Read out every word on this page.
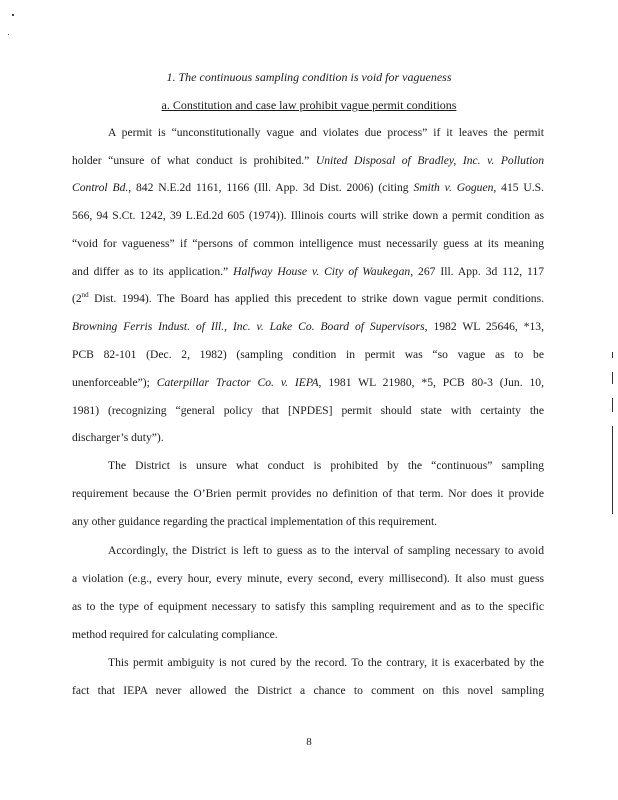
1. The continuous sampling condition is void for vagueness
a. Constitution and case law prohibit vague permit conditions
A permit is “unconstitutionally vague and violates due process” if it leaves the permit
holder “unsure of what conduct is prohibited.” United Disposal of Bradley, Inc. v. Pollution
Control Bd., 842 N.E.2d 1161, 1166 (Ill. App. 3d Dist. 2006) (citing Smith v. Goguen, 415 U.S.
566, 94 S.Ct. 1242, 39 L.Ed.2d 605 (1974)). Illinois courts will strike down a permit condition as
“void for vagueness” if “persons of common intelligence must necessarily guess at its meaning
and differ as to its application.” Halfway House v. City of Waukegan, 267 Ill. App. 3d 112, 117
(2nd Dist. 1994). The Board has applied this precedent to strike down vague permit conditions.
Browning Ferris Indust. of Ill., Inc. v. Lake Co. Board of Supervisors, 1982 WL 25646, *13,
PCB 82-101 (Dec. 2, 1982) (sampling condition in permit was “so vague as to be
unenforceable”); Caterpillar Tractor Co. v. IEPA, 1981 WL 21980, *5, PCB 80-3 (Jun. 10,
1981) (recognizing “general policy that [NPDES] permit should state with certainty the
discharger’s duty”).
The District is unsure what conduct is prohibited by the “continuous” sampling
requirement because the O’Brien permit provides no definition of that term. Nor does it provide
any other guidance regarding the practical implementation of this requirement.
Accordingly, the District is left to guess as to the interval of sampling necessary to avoid
a violation (e.g., every hour, every minute, every second, every millisecond). It also must guess
as to the type of equipment necessary to satisfy this sampling requirement and as to the specific
method required for calculating compliance.
This permit ambiguity is not cured by the record. To the contrary, it is exacerbated by the
fact that IEPA never allowed the District a chance to comment on this novel sampling
8
